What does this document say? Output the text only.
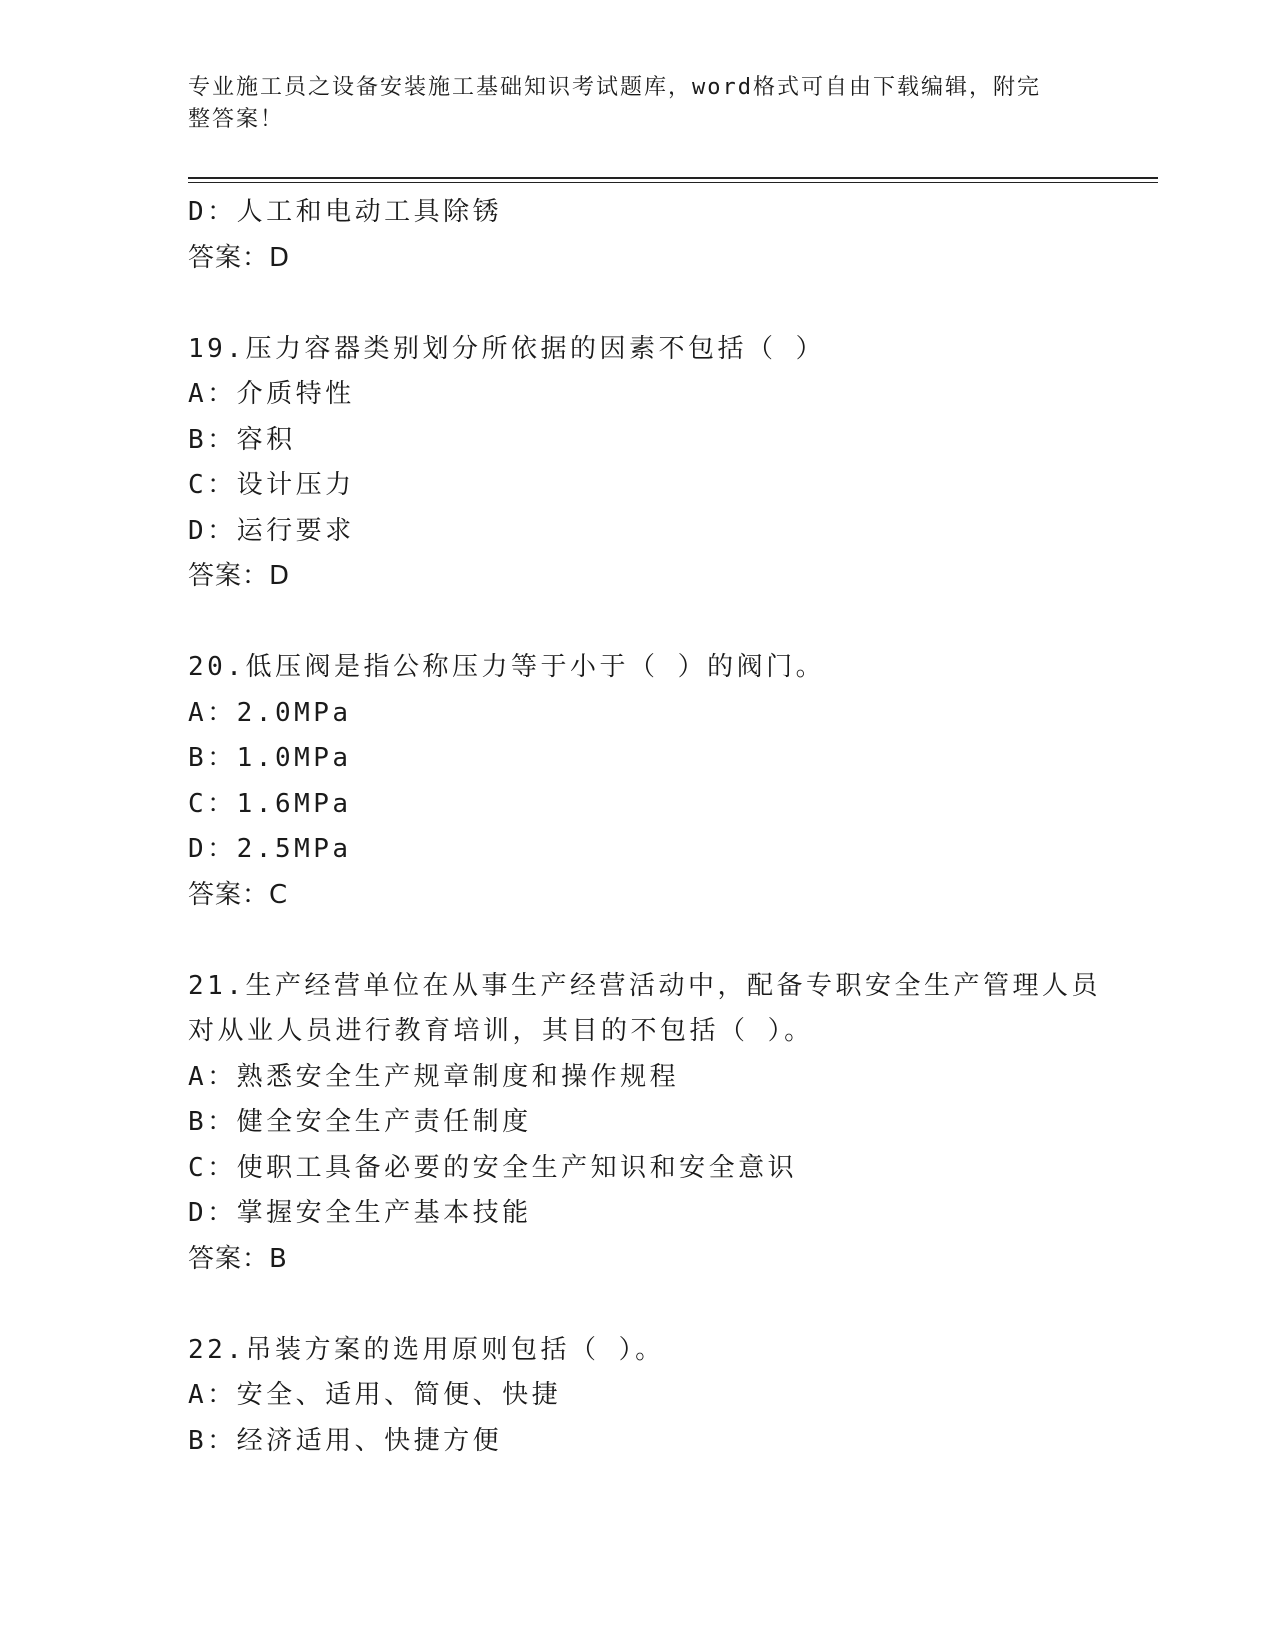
专业施工员之设备安装施工基础知识考试题库，word格式可自由下载编辑，附完
整答案！
D：人工和电动工具除锈
答案：D
19.压力容器类别划分所依据的因素不包括（ ）
A：介质特性
B：容积
C：设计压力
D：运行要求
答案：D
20.低压阀是指公称压力等于小于（ ）的阀门。
A：2.0MPa
B：1.0MPa
C：1.6MPa
D：2.5MPa
答案：C
21.生产经营单位在从事生产经营活动中，配备专职安全生产管理人员
对从业人员进行教育培训，其目的不包括（ ）。
A：熟悉安全生产规章制度和操作规程
B：健全安全生产责任制度
C：使职工具备必要的安全生产知识和安全意识
D：掌握安全生产基本技能
答案：B
22.吊装方案的选用原则包括（ ）。
A：安全、适用、简便、快捷
B：经济适用、快捷方便
